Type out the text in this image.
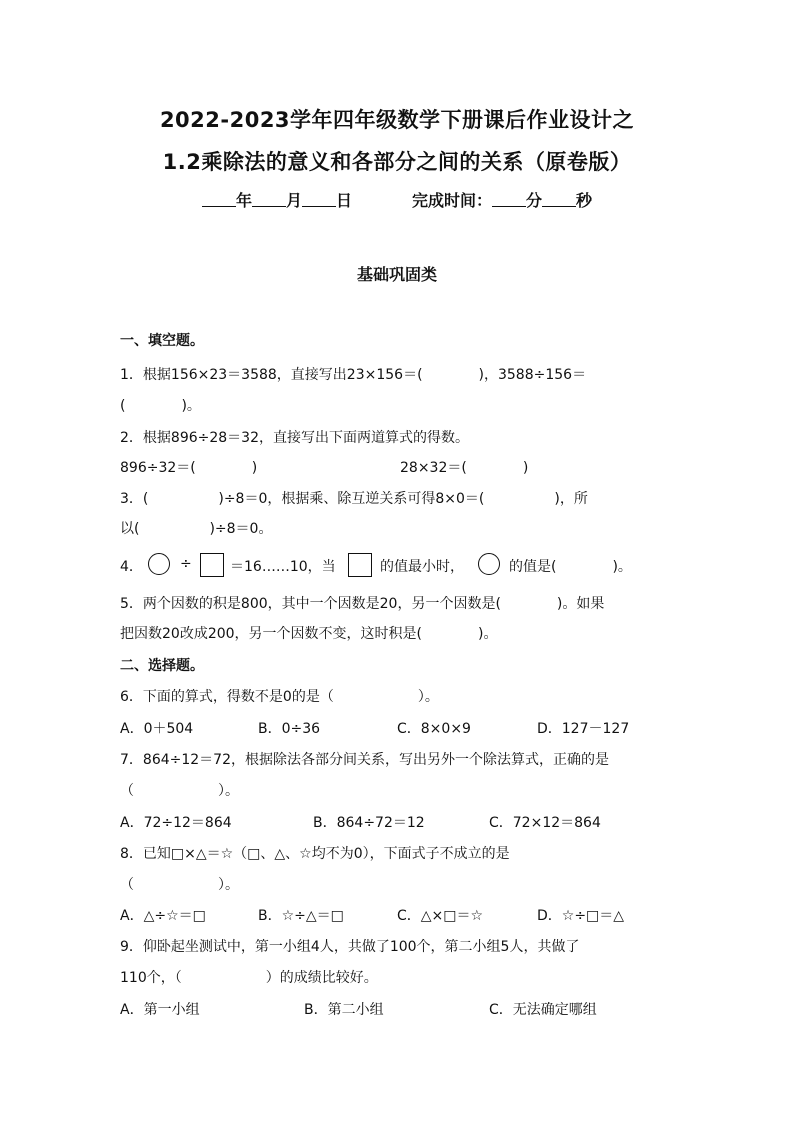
2022-2023学年四年级数学下册课后作业设计之
1.2乘除法的意义和各部分之间的关系（原卷版）
年 月 日	完成时间： 分 秒
基础巩固类
一、填空题。
1．根据156×23＝3588，直接写出23×156＝(　　　　)，3588÷156＝
(　　　　)。
2．根据896÷28＝32，直接写出下面两道算式的得数。
896÷32＝(　　　　)	28×32＝(　　　　)
3．(　　　　　)÷8＝0，根据乘、除互逆关系可得8×0＝(　　　　　)，所
以(　　　　　)÷8＝0。
4．	÷	＝16……10，当	的值最小时，	的值是(　　　　)。
5．两个因数的积是800，其中一个因数是20，另一个因数是(　　　　)。如果
把因数20改成200，另一个因数不变，这时积是(　　　　)。
二、选择题。
6．下面的算式，得数不是0的是（　　　　　　）。
A．0＋504	B．0÷36	C．8×0×9	D．127－127
7．864÷12＝72，根据除法各部分间关系，写出另外一个除法算式，正确的是
（　　　　　　）。
A．72÷12＝864	B．864÷72＝12	C．72×12＝864
8．已知□×△＝☆（□、△、☆均不为0），下面式子不成立的是
（　　　　　　）。
A．△÷☆＝□	B．☆÷△＝□	C．△×□＝☆	D．☆÷□＝△
9．仰卧起坐测试中，第一小组4人，共做了100个，第二小组5人，共做了
110个，（　　　　　　）的成绩比较好。
A．第一小组	B．第二小组	C．无法确定哪组
